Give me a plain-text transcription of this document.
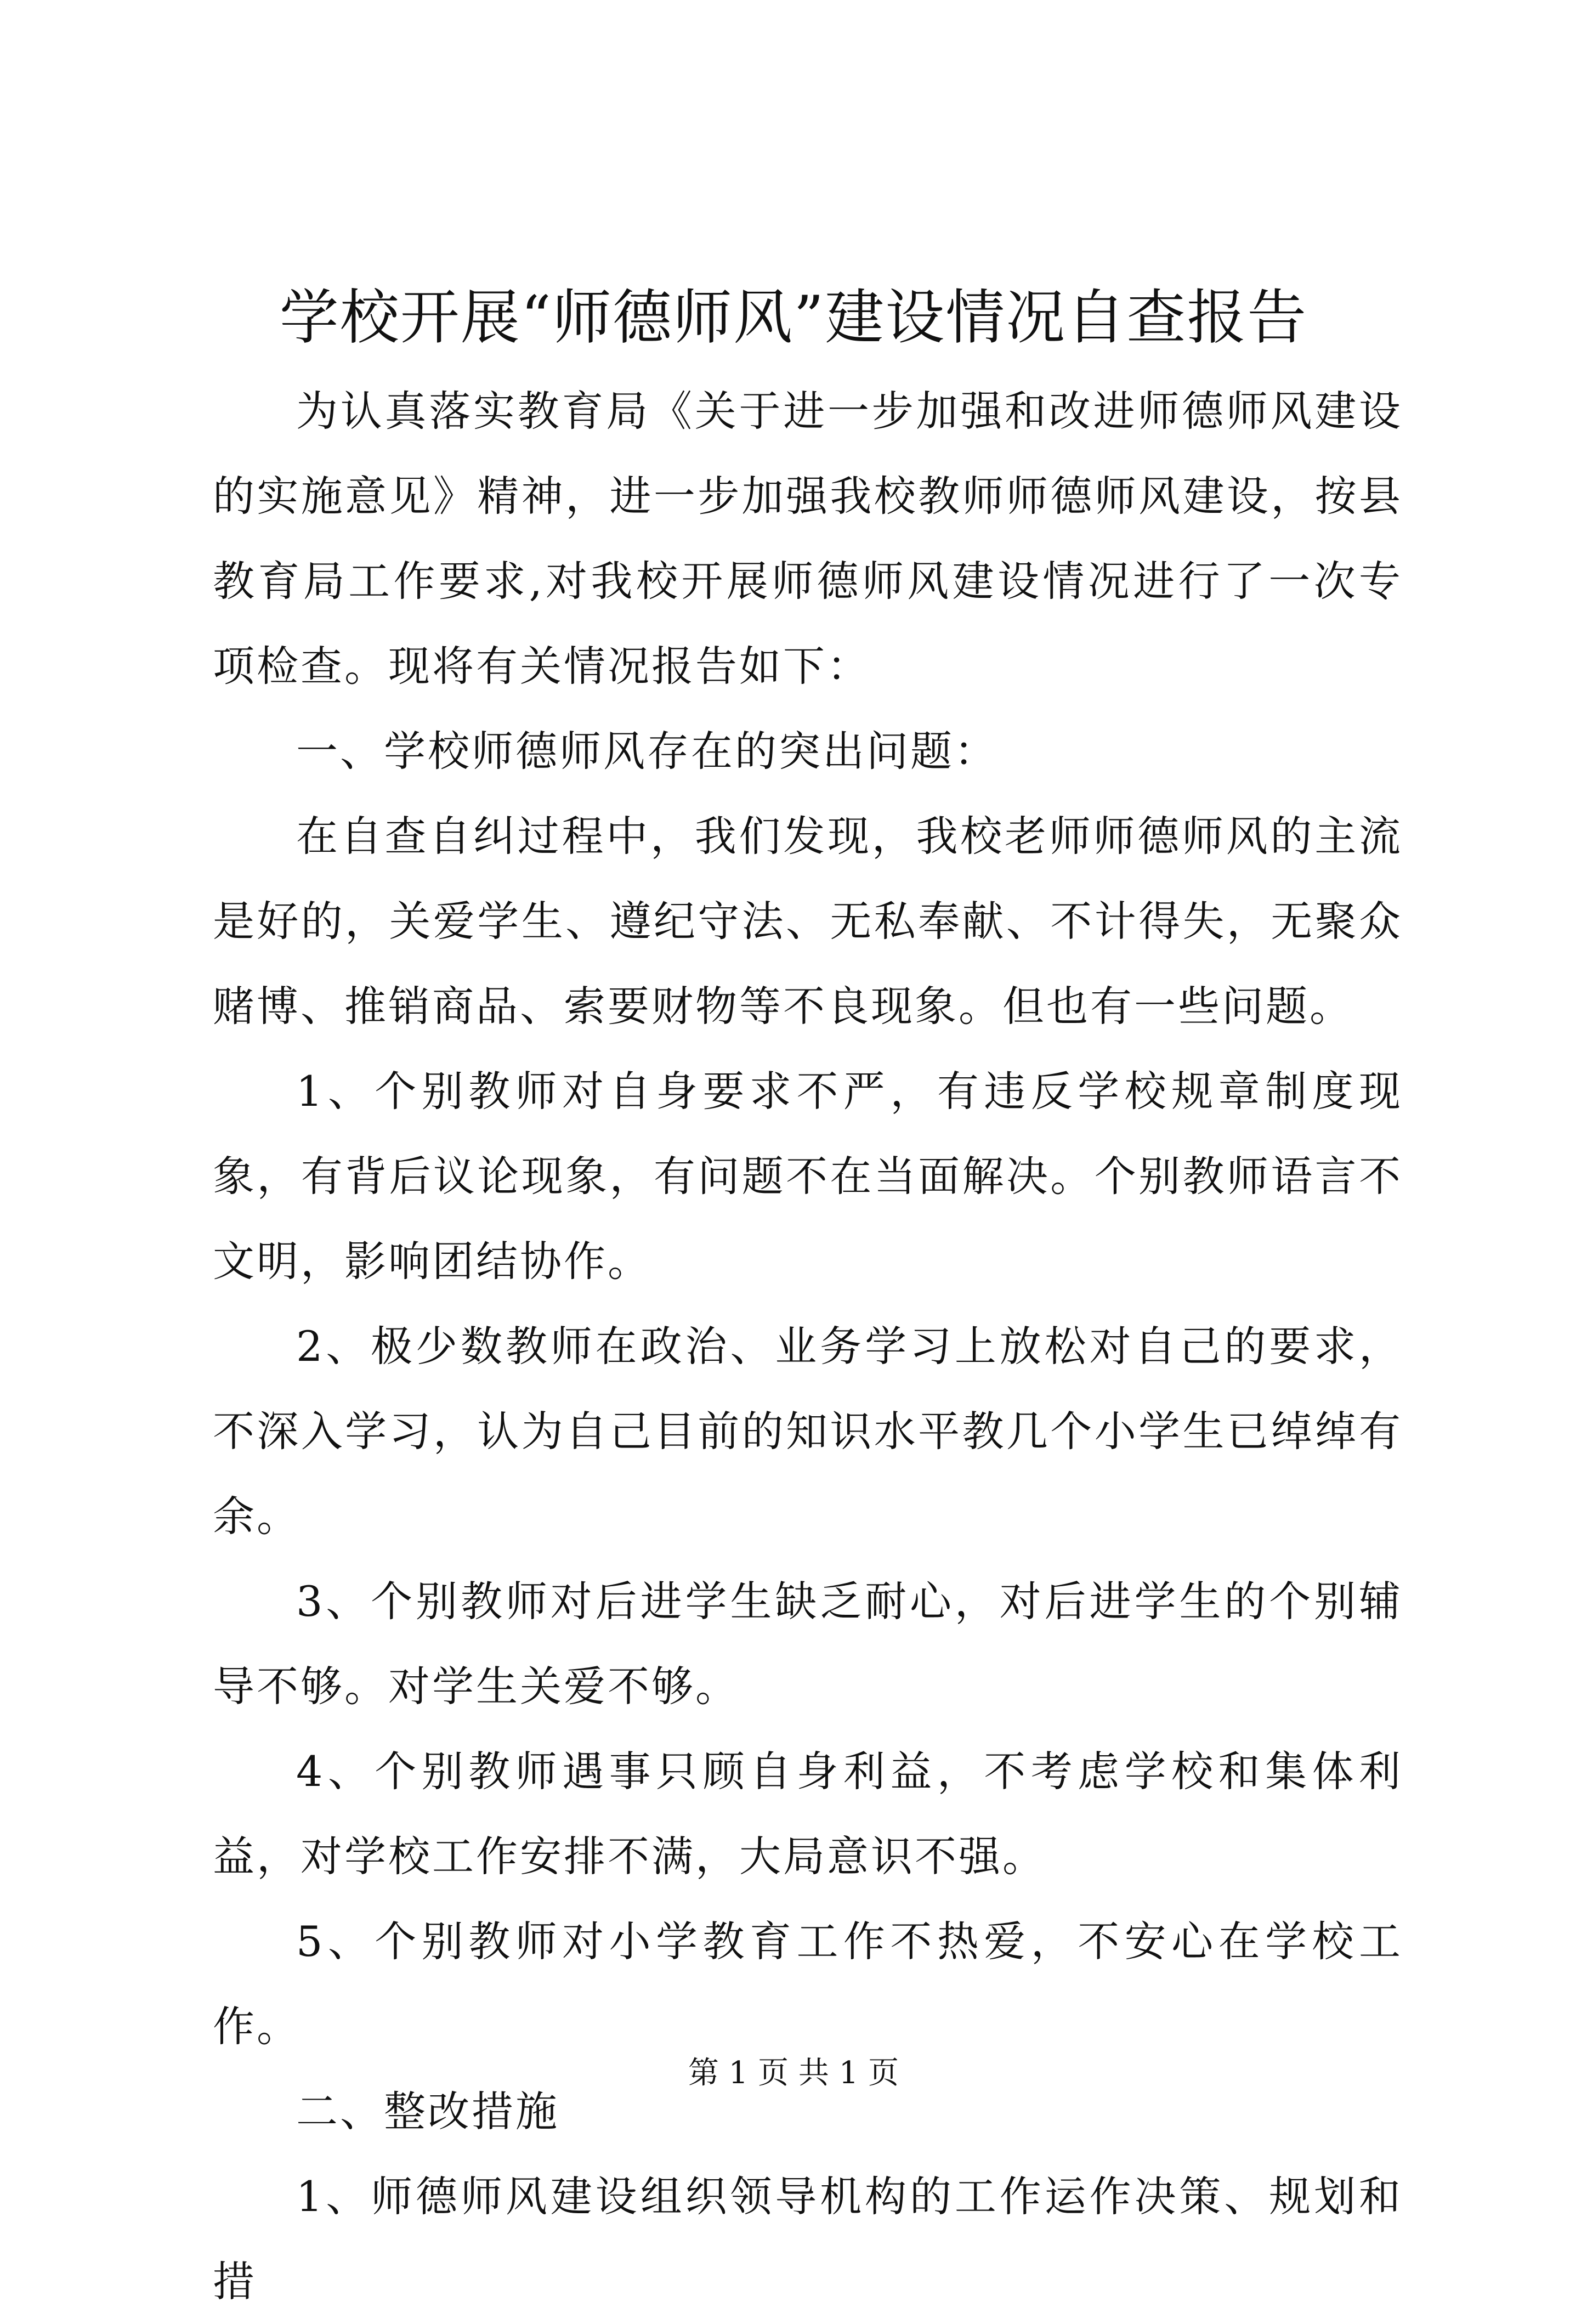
学校开展“师德师风”建设情况自查报告

为认真落实教育局《关于进一步加强和改进师德师风建设的实施意见》精神，进一步加强我校教师师德师风建设，按县教育局工作要求,对我校开展师德师风建设情况进行了一次专项检查。现将有关情况报告如下：

一、学校师德师风存在的突出问题：

在自查自纠过程中，我们发现，我校老师师德师风的主流是好的，关爱学生、遵纪守法、无私奉献、不计得失，无聚众赌博、推销商品、索要财物等不良现象。但也有一些问题。

1、个别教师对自身要求不严，有违反学校规章制度现象，有背后议论现象，有问题不在当面解决。个别教师语言不文明，影响团结协作。

2、极少数教师在政治、业务学习上放松对自己的要求，不深入学习，认为自己目前的知识水平教几个小学生已绰绰有余。

3、个别教师对后进学生缺乏耐心，对后进学生的个别辅导不够。对学生关爱不够。

4、个别教师遇事只顾自身利益，不考虑学校和集体利益，对学校工作安排不满，大局意识不强。

5、个别教师对小学教育工作不热爱，不安心在学校工作。

二、整改措施

1、师德师风建设组织领导机构的工作运作决策、规划和措

第 1 页 共 1 页
